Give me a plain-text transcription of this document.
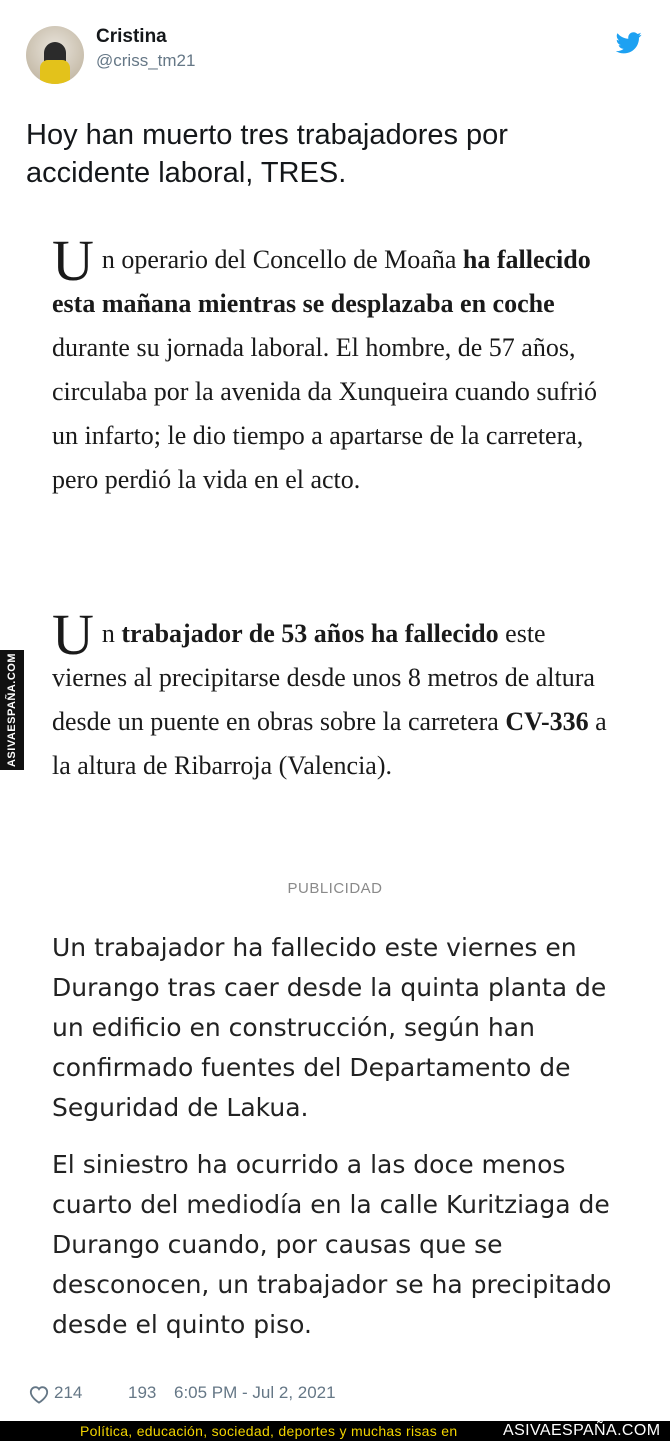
Cristina
@criss_tm21
Hoy han muerto tres trabajadores por accidente laboral, TRES.
Un operario del Concello de Moaña ha fallecido esta mañana mientras se desplazaba en coche durante su jornada laboral. El hombre, de 57 años, circulaba por la avenida da Xunqueira cuando sufrió un infarto; le dio tiempo a apartarse de la carretera, pero perdió la vida en el acto.
Un trabajador de 53 años ha fallecido este viernes al precipitarse desde unos 8 metros de altura desde un puente en obras sobre la carretera CV-336 a la altura de Ribarroja (Valencia).
ASIVAESPAÑA.COM
PUBLICIDAD
Un trabajador ha fallecido este viernes en Durango tras caer desde la quinta planta de un edificio en construcción, según han confirmado fuentes del Departamento de Seguridad de Lakua.
El siniestro ha ocurrido a las doce menos cuarto del mediodía en la calle Kuritziaga de Durango cuando, por causas que se desconocen, un trabajador se ha precipitado desde el quinto piso.
214	193 6:05 PM - Jul 2, 2021
Política, educación, sociedad, deportes y muchas risas en	ASIVAESPAÑA.COM
